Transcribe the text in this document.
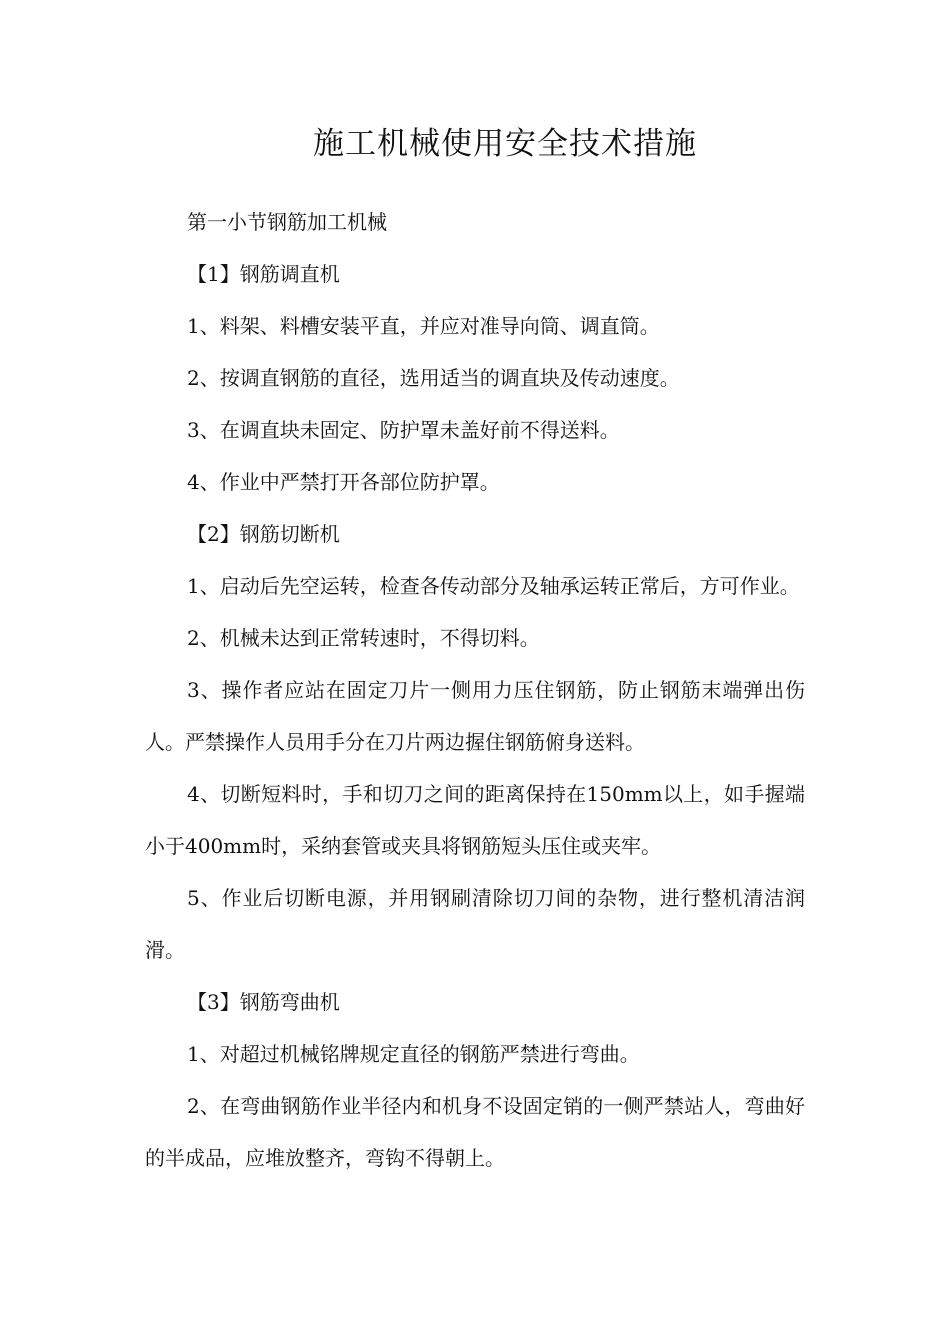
施工机械使用安全技术措施

第一小节钢筋加工机械

【1】钢筋调直机

1、料架、料槽安装平直，并应对准导向筒、调直筒。

2、按调直钢筋的直径，选用适当的调直块及传动速度。

3、在调直块未固定、防护罩未盖好前不得送料。

4、作业中严禁打开各部位防护罩。

【2】钢筋切断机

1、启动后先空运转，检查各传动部分及轴承运转正常后，方可作业。

2、机械未达到正常转速时，不得切料。

3、操作者应站在固定刀片一侧用力压住钢筋，防止钢筋末端弹出伤人。严禁操作人员用手分在刀片两边握住钢筋俯身送料。

4、切断短料时，手和切刀之间的距离保持在150mm以上，如手握端小于400mm时，采纳套管或夹具将钢筋短头压住或夹牢。

5、作业后切断电源，并用钢刷清除切刀间的杂物，进行整机清洁润滑。

【3】钢筋弯曲机

1、对超过机械铭牌规定直径的钢筋严禁进行弯曲。

2、在弯曲钢筋作业半径内和机身不设固定销的一侧严禁站人，弯曲好的半成品，应堆放整齐，弯钩不得朝上。
